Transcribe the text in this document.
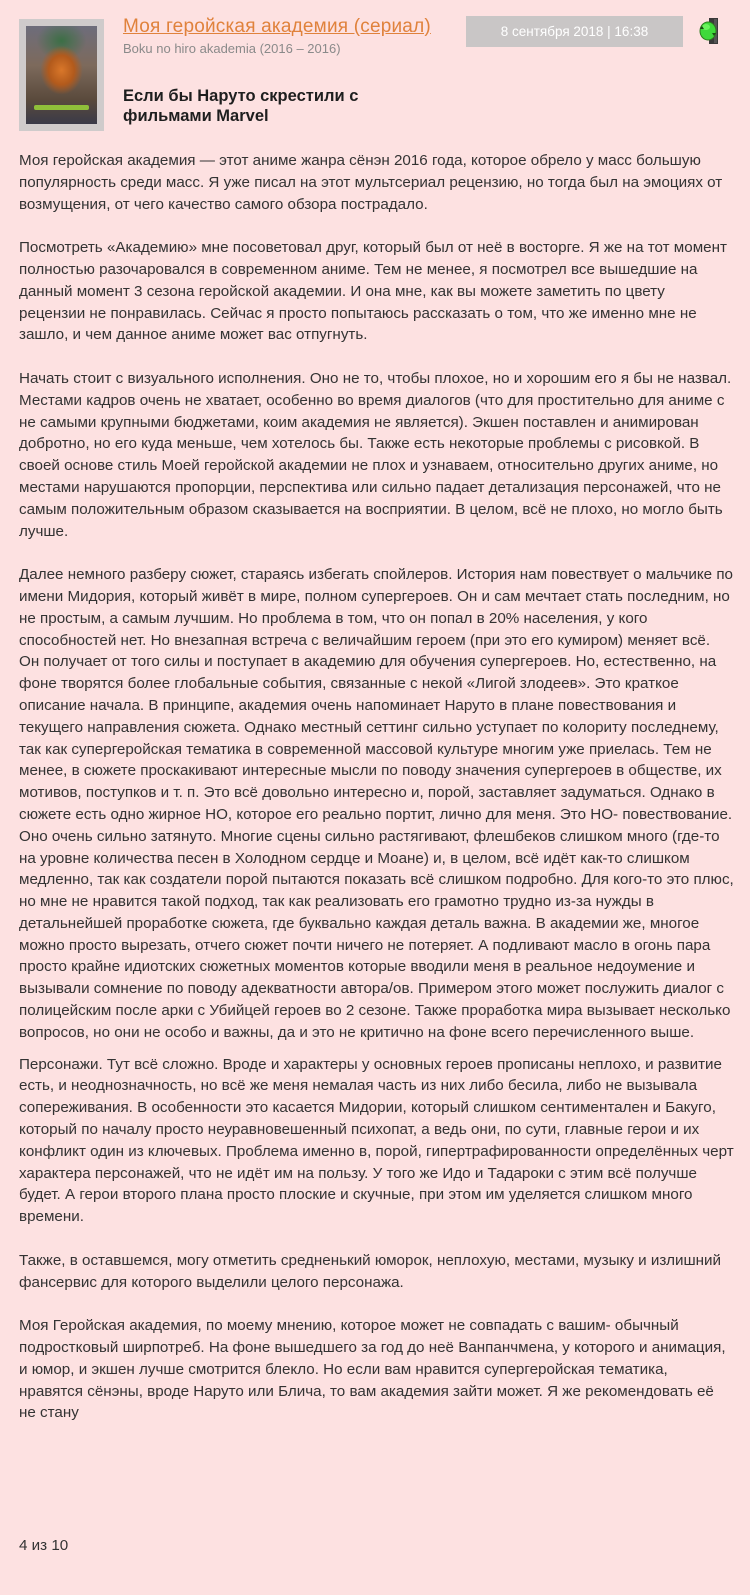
Моя геройская академия (сериал)
Boku no hiro akademia (2016 – 2016)
Если бы Наруто скрестили с фильмами Marvel
8 сентября 2018 | 16:38

Моя геройская академия — этот аниме жанра сёнэн 2016 года, которое обрело у масс большую популярность среди масс. Я уже писал на этот мультсериал рецензию, но тогда был на эмоциях от возмущения, от чего качество самого обзора пострадало.

Посмотреть «Академию» мне посоветовал друг, который был от неё в восторге. Я же на тот момент полностью разочаровался в современном аниме. Тем не менее, я посмотрел все вышедшие на данный момент 3 сезона геройской академии. И она мне, как вы можете заметить по цвету рецензии не понравилась. Сейчас я просто попытаюсь рассказать о том, что же именно мне не зашло, и чем данное аниме может вас отпугнуть.

Начать стоит с визуального исполнения. Оно не то, чтобы плохое, но и хорошим его я бы не назвал. Местами кадров очень не хватает, особенно во время диалогов (что для простительно для аниме с не самыми крупными бюджетами, коим академия не является). Экшен поставлен и анимирован добротно, но его куда меньше, чем хотелось бы. Также есть некоторые проблемы с рисовкой. В своей основе стиль Моей геройской академии не плох и узнаваем, относительно других аниме, но местами нарушаются пропорции, перспектива или сильно падает детализация персонажей, что не самым положительным образом сказывается на восприятии. В целом, всё не плохо, но могло быть лучше.

Далее немного разберу сюжет, стараясь избегать спойлеров. История нам повествует о мальчике по имени Мидория, который живёт в мире, полном супергероев. Он и сам мечтает стать последним, но не простым, а самым лучшим. Но проблема в том, что он попал в 20% населения, у кого способностей нет. Но внезапная встреча с величайшим героем (при это его кумиром) меняет всё. Он получает от того силы и поступает в академию для обучения супергероев. Но, естественно, на фоне творятся более глобальные события, связанные с некой «Лигой злодеев». Это краткое описание начала. В принципе, академия очень напоминает Наруто в плане повествования и текущего направления сюжета. Однако местный сеттинг сильно уступает по колориту последнему, так как супергеройская тематика в современной массовой культуре многим уже приелась. Тем не менее, в сюжете проскакивают интересные мысли по поводу значения супергероев в обществе, их мотивов, поступков и т. п. Это всё довольно интересно и, порой, заставляет задуматься. Однако в сюжете есть одно жирное НО, которое его реально портит, лично для меня. Это НО- повествование. Оно очень сильно затянуто. Многие сцены сильно растягивают, флешбеков слишком много (где-то на уровне количества песен в Холодном сердце и Моане) и, в целом, всё идёт как-то слишком медленно, так как создатели порой пытаются показать всё слишком подробно. Для кого-то это плюс, но мне не нравится такой подход, так как реализовать его грамотно трудно из-за нужды в детальнейшей проработке сюжета, где буквально каждая деталь важна. В академии же, многое можно просто вырезать, отчего сюжет почти ничего не потеряет. А подливают масло в огонь пара просто крайне идиотских сюжетных моментов которые вводили меня в реальное недоумение и вызывали сомнение по поводу адекватности автора/ов. Примером этого может послужить диалог с полицейским после арки с Убийцей героев во 2 сезоне. Также проработка мира вызывает несколько вопросов, но они не особо и важны, да и это не критично на фоне всего перечисленного выше.

Персонажи. Тут всё сложно. Вроде и характеры у основных героев прописаны неплохо, и развитие есть, и неоднозначность, но всё же меня немалая часть из них либо бесила, либо не вызывала сопереживания. В особенности это касается Мидории, который слишком сентиментален и Бакуго, который по началу просто неуравновешенный психопат, а ведь они, по сути, главные герои и их конфликт один из ключевых. Проблема именно в, порой, гипертрафированности определённых черт характера персонажей, что не идёт им на пользу. У того же Идо и Тадароки с этим всё получше будет. А герои второго плана просто плоские и скучные, при этом им уделяется слишком много времени.

Также, в оставшемся, могу отметить средненький юморок, неплохую, местами, музыку и излишний фансервис для которого выделили целого персонажа.

Моя Геройская академия, по моему мнению, которое может не совпадать с вашим- обычный подростковый ширпотреб. На фоне вышедшего за год до неё Ванпанчмена, у которого и анимация, и юмор, и экшен лучше смотрится блекло. Но если вам нравится супергеройская тематика, нравятся сёнэны, вроде Наруто или Блича, то вам академия зайти может. Я же рекомендовать её не стану

4 из 10
